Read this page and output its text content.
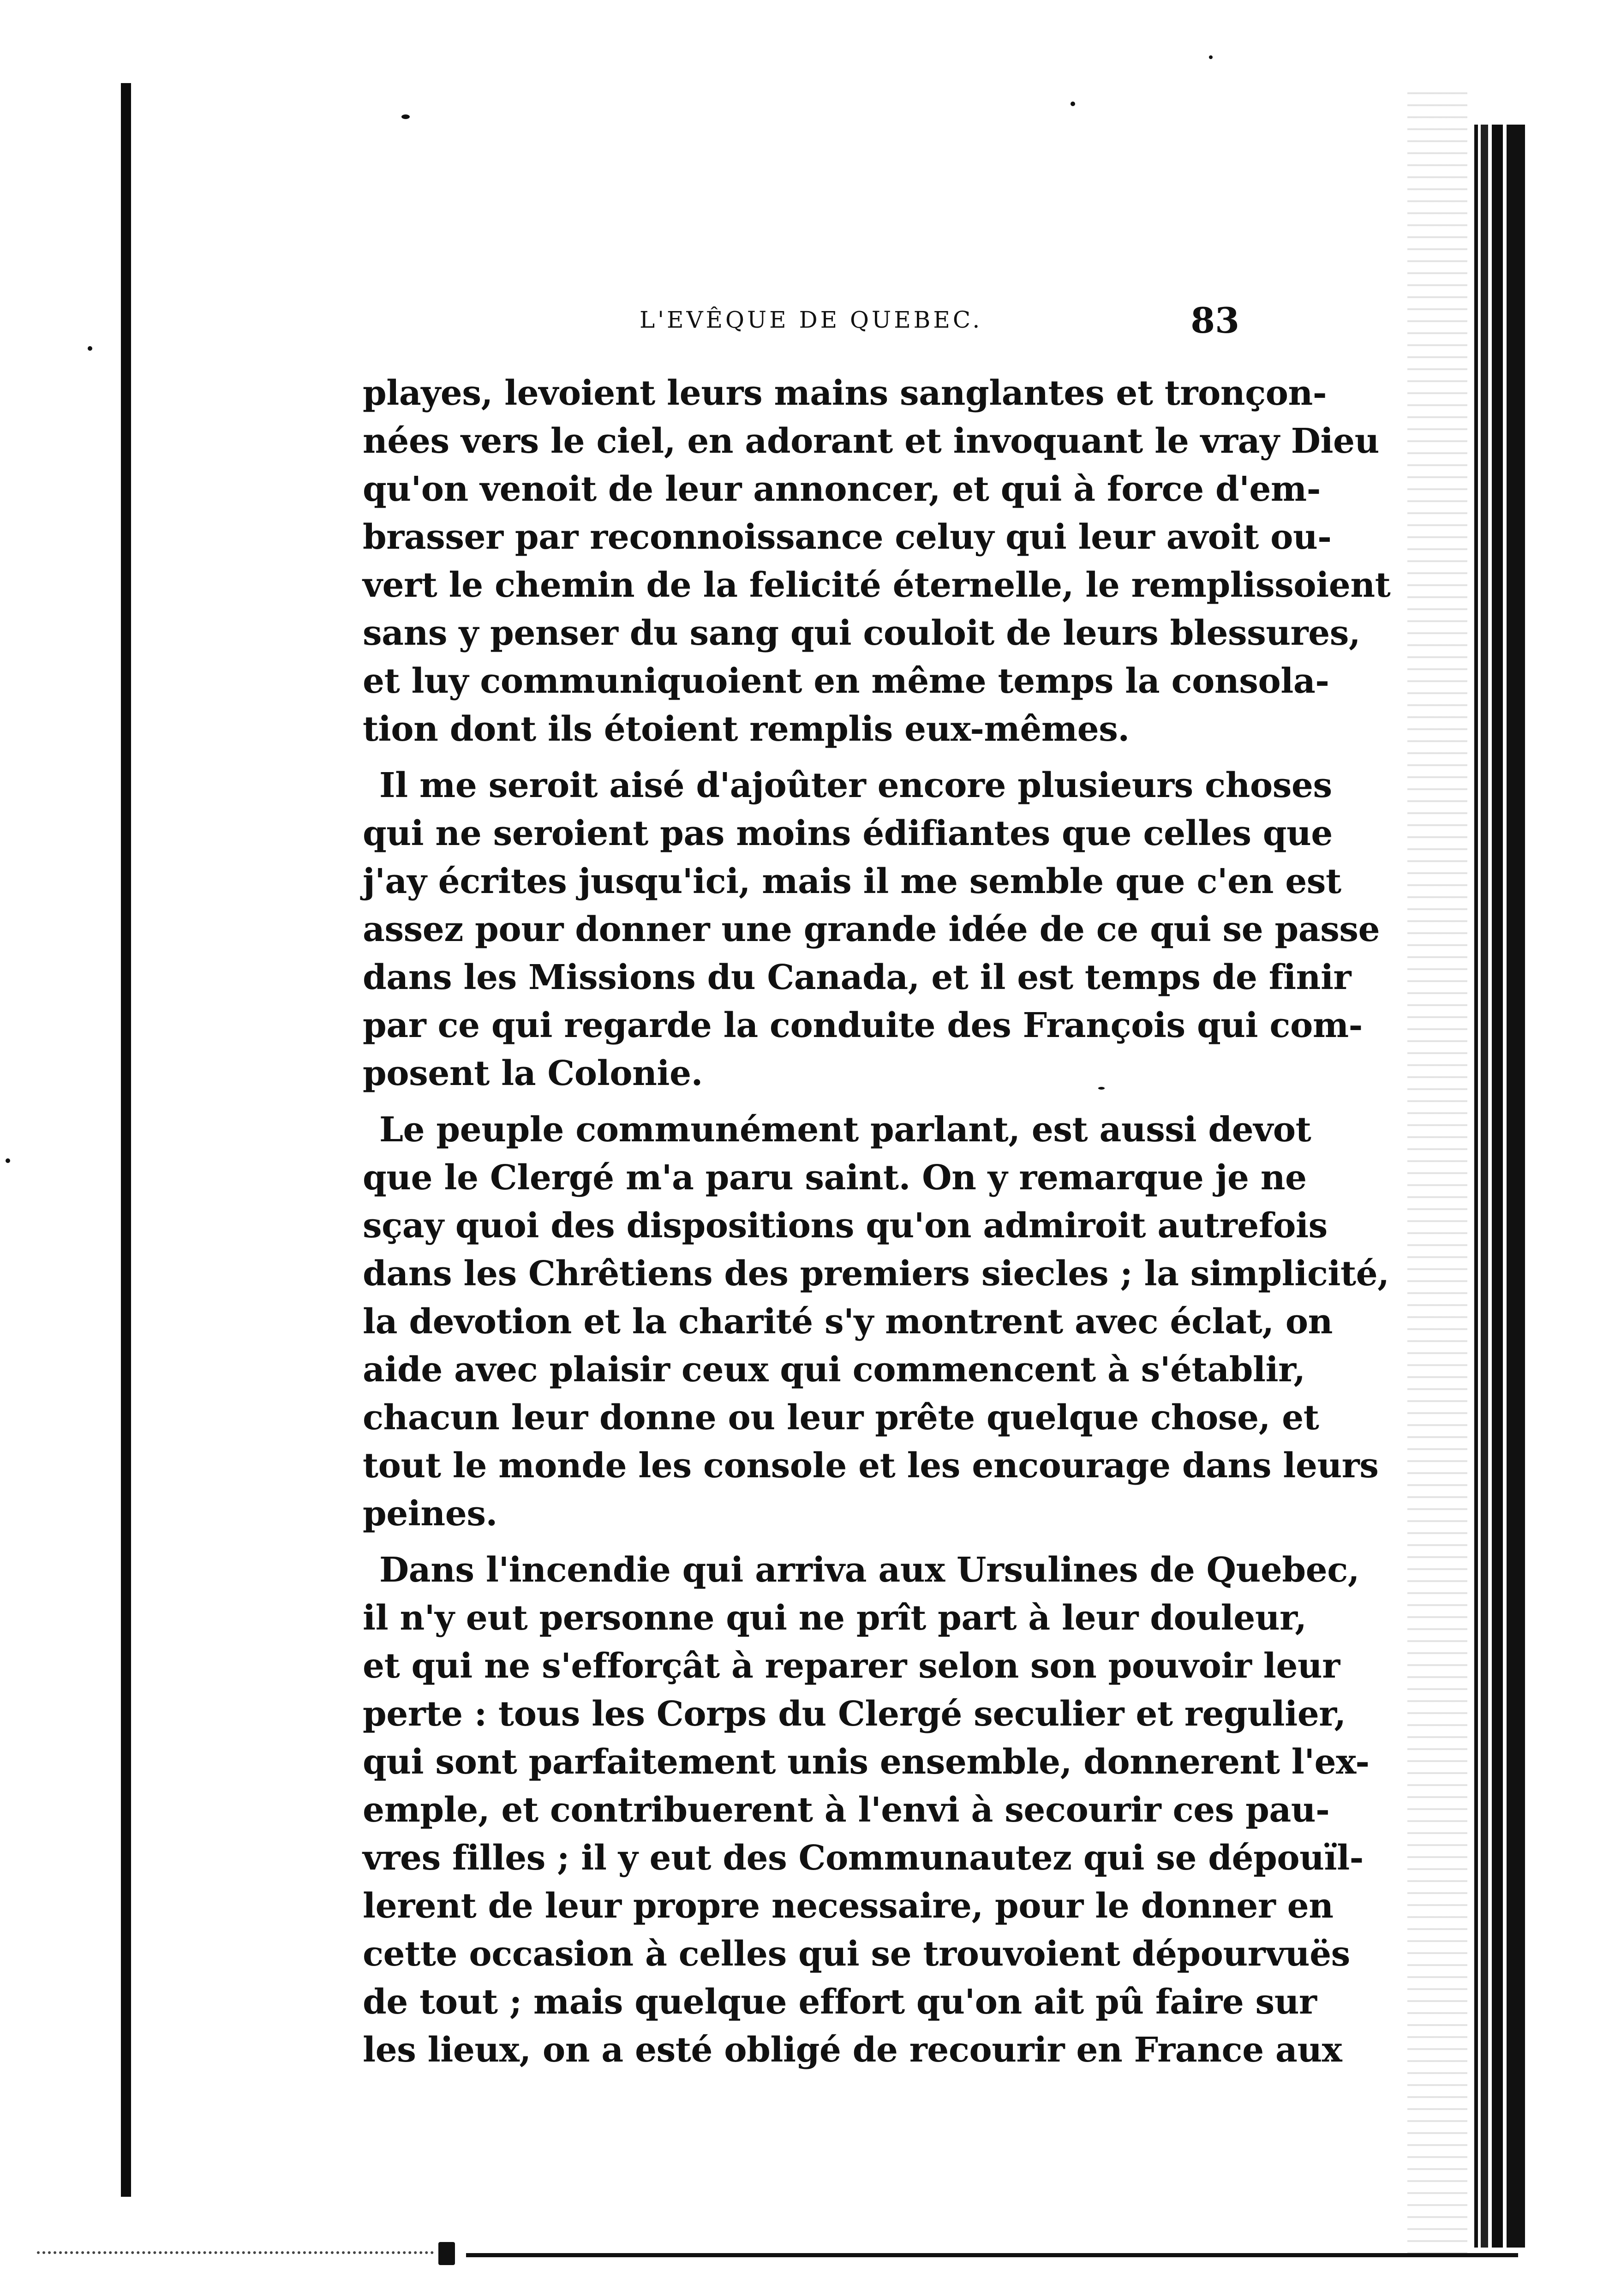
L'EVÊQUE DE QUEBEC.	83
playes, levoient leurs mains sanglantes et tronçon-
nées vers le ciel, en adorant et invoquant le vray Dieu
qu'on venoit de leur annoncer, et qui à force d'em-
brasser par reconnoissance celuy qui leur avoit ou-
vert le chemin de la felicité éternelle, le remplissoient
sans y penser du sang qui couloit de leurs blessures,
et luy communiquoient en même temps la consola-
tion dont ils étoient remplis eux-mêmes.
Il me seroit aisé d'ajoûter encore plusieurs choses
qui ne seroient pas moins édifiantes que celles que
j'ay écrites jusqu'ici, mais il me semble que c'en est
assez pour donner une grande idée de ce qui se passe
dans les Missions du Canada, et il est temps de finir
par ce qui regarde la conduite des François qui com-
posent la Colonie.
Le peuple communément parlant, est aussi devot
que le Clergé m'a paru saint. On y remarque je ne
sçay quoi des dispositions qu'on admiroit autrefois
dans les Chrêtiens des premiers siecles ; la simplicité,
la devotion et la charité s'y montrent avec éclat, on
aide avec plaisir ceux qui commencent à s'établir,
chacun leur donne ou leur prête quelque chose, et
tout le monde les console et les encourage dans leurs
peines.
Dans l'incendie qui arriva aux Ursulines de Quebec,
il n'y eut personne qui ne prît part à leur douleur,
et qui ne s'efforçât à reparer selon son pouvoir leur
perte : tous les Corps du Clergé seculier et regulier,
qui sont parfaitement unis ensemble, donnerent l'ex-
emple, et contribuerent à l'envi à secourir ces pau-
vres filles ; il y eut des Communautez qui se dépouïl-
lerent de leur propre necessaire, pour le donner en
cette occasion à celles qui se trouvoient dépourvuës
de tout ; mais quelque effort qu'on ait pû faire sur
les lieux, on a esté obligé de recourir en France aux
